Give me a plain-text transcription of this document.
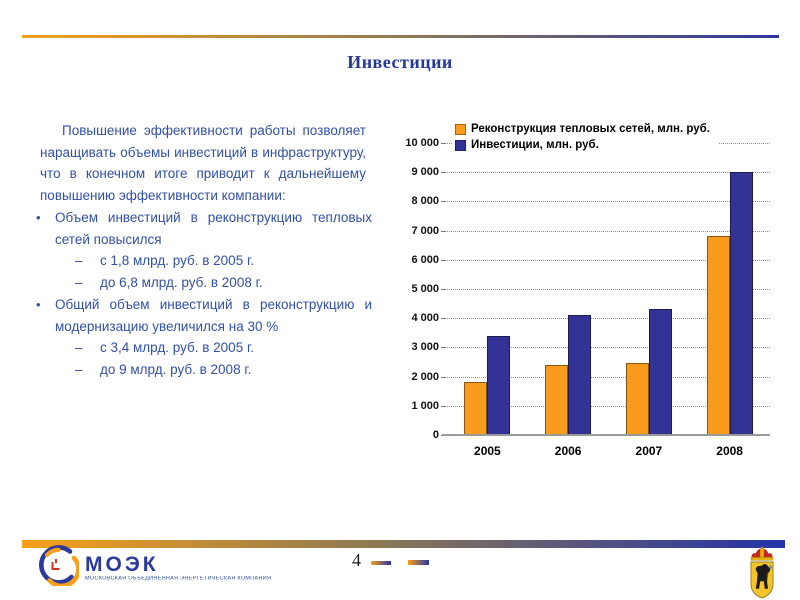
Инвестиции

Повышение эффективности работы позволяет наращивать объемы инвестиций в инфраструктуру, что в конечном итоге приводит к дальнейшему повышению эффективности компании:

•	Объем инвестиций в реконструкцию тепловых сетей повысился
–	с 1,8 млрд. руб. в 2005 г.
–	до 6,8 млрд. руб. в 2008 г.
•	Общий объем инвестиций в реконструкцию и модернизацию увеличился на 30 %
–	с 3,4 млрд. руб. в 2005 г.
–	до 9 млрд. руб. в 2008 г.
Реконструкция тепловых сетей, млн. руб.
Инвестиции, млн. руб.
0
1 000
2 000
3 000
4 000
5 000
6 000
7 000
8 000
9 000
10 000
2005	2006	2007	2008
МОЭК
МОСКОВСКАЯ ОБЪЕДИНЕННАЯ ЭНЕРГЕТИЧЕСКАЯ КОМПАНИЯ
4
